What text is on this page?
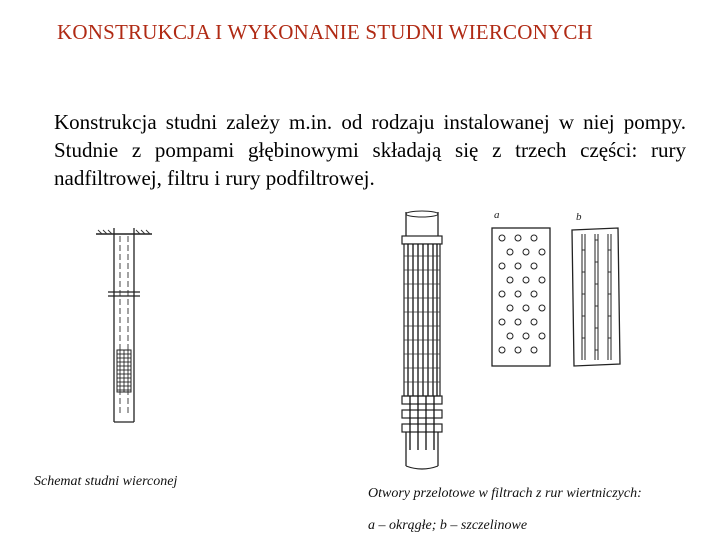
KONSTRUKCJA I WYKONANIE STUDNI WIERCONYCH
Konstrukcja studni zależy m.in. od rodzaju instalowanej w niej pompy. Studnie z pompami głębinowymi składają się z trzech części: rury nadfiltrowej, filtru i rury podfiltrowej.
a	b
Schemat studni wierconej
Otwory przelotowe w filtrach z rur wiertniczych:
a – okrągłe; b – szczelinowe
